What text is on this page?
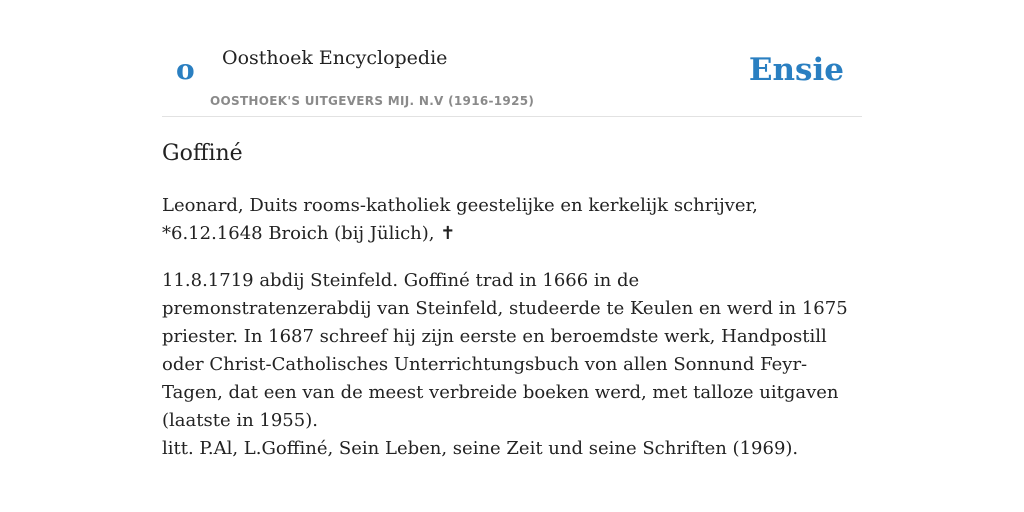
o Oosthoek Encyclopedie
OOSTHOEK'S UITGEVERS MIJ. N.V (1916-1925)
Ensie
Goffiné

Leonard, Duits rooms-katholiek geestelijke en kerkelijk schrijver, *6.12.1648 Broich (bij Jülich), ✝

11.8.1719 abdij Steinfeld. Goffiné trad in 1666 in de premonstratenzerabdij van Steinfeld, studeerde te Keulen en werd in 1675 priester. In 1687 schreef hij zijn eerste en beroemdste werk, Handpostill oder Christ-Catholisches Unterrichtungsbuch von allen Sonnund Feyr-Tagen, dat een van de meest verbreide boeken werd, met talloze uitgaven (laatste in 1955).

litt. P.Al, L.Goffiné, Sein Leben, seine Zeit und seine Schriften (1969).
